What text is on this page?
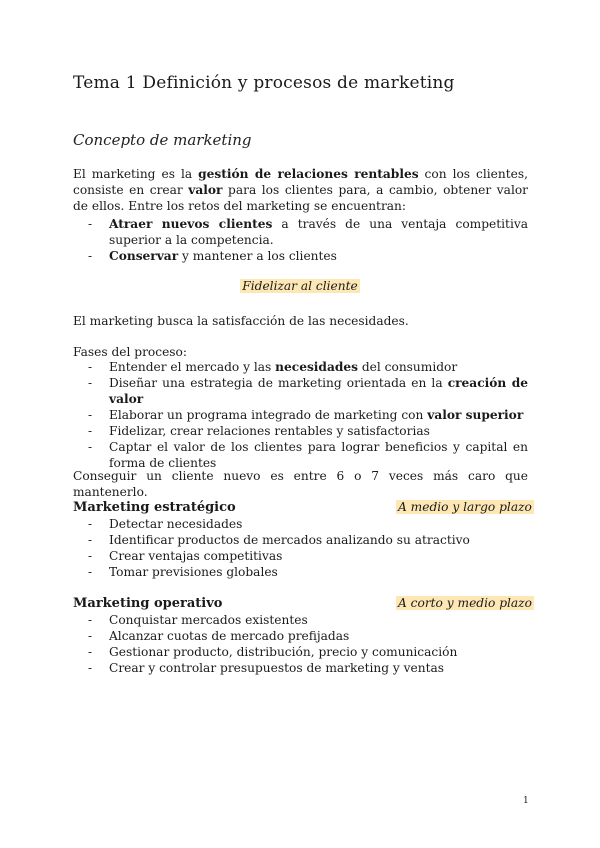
Tema 1 Definición y procesos de marketing
Concepto de marketing
El marketing es la gestión de relaciones rentables con los clientes, consiste en crear valor para los clientes para, a cambio, obtener valor de ellos. Entre los retos del marketing se encuentran:
- Atraer nuevos clientes a través de una ventaja competitiva superior a la competencia.
- Conservar y mantener a los clientes
Fidelizar al cliente
El marketing busca la satisfacción de las necesidades.
Fases del proceso:
- Entender el mercado y las necesidades del consumidor
- Diseñar una estrategia de marketing orientada en la creación de valor
- Elaborar un programa integrado de marketing con valor superior
- Fidelizar, crear relaciones rentables y satisfactorias
- Captar el valor de los clientes para lograr beneficios y capital en forma de clientes
Conseguir un cliente nuevo es entre 6 o 7 veces más caro que mantenerlo.
Marketing estratégico	A medio y largo plazo
- Detectar necesidades
- Identificar productos de mercados analizando su atractivo
- Crear ventajas competitivas
- Tomar previsiones globales
Marketing operativo	A corto y medio plazo
- Conquistar mercados existentes
- Alcanzar cuotas de mercado prefijadas
- Gestionar producto, distribución, precio y comunicación
- Crear y controlar presupuestos de marketing y ventas
1
